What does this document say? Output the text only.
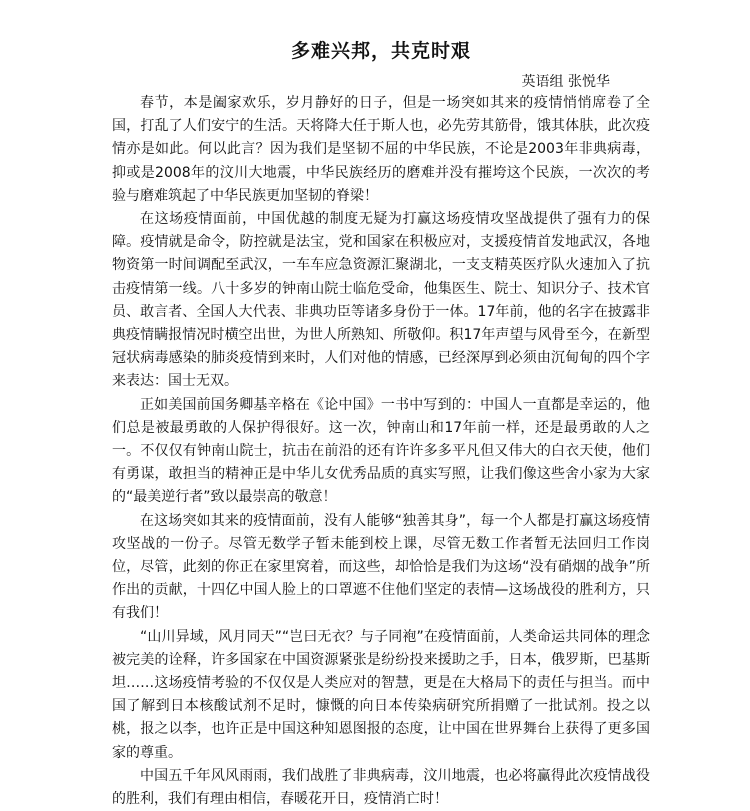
多难兴邦，共克时艰
英语组 张悦华

春节，本是阖家欢乐，岁月静好的日子，但是一场突如其来的疫情悄悄席卷了全国，打乱了人们安宁的生活。天将降大任于斯人也，必先劳其筋骨，饿其体肤，此次疫情亦是如此。何以此言？因为我们是坚韧不屈的中华民族，不论是2003年非典病毒，抑或是2008年的汶川大地震，中华民族经历的磨难并没有摧垮这个民族，一次次的考验与磨难筑起了中华民族更加坚韧的脊梁！

在这场疫情面前，中国优越的制度无疑为打赢这场疫情攻坚战提供了强有力的保障。疫情就是命令，防控就是法宝，党和国家在积极应对，支援疫情首发地武汉，各地物资第一时间调配至武汉，一车车应急资源汇聚湖北，一支支精英医疗队火速加入了抗击疫情第一线。八十多岁的钟南山院士临危受命，他集医生、院士、知识分子、技术官员、敢言者、全国人大代表、非典功臣等诸多身份于一体。17年前，他的名字在披露非典疫情瞒报情况时横空出世，为世人所熟知、所敬仰。积17年声望与风骨至今，在新型冠状病毒感染的肺炎疫情到来时，人们对他的情感，已经深厚到必须由沉甸甸的四个字来表达：国士无双。

正如美国前国务卿基辛格在《论中国》一书中写到的：中国人一直都是幸运的，他们总是被最勇敢的人保护得很好。这一次，钟南山和17年前一样，还是最勇敢的人之一。不仅仅有钟南山院士，抗击在前沿的还有许许多多平凡但又伟大的白衣天使，他们有勇谋，敢担当的精神正是中华儿女优秀品质的真实写照，让我们像这些舍小家为大家的“最美逆行者”致以最崇高的敬意！

在这场突如其来的疫情面前，没有人能够“独善其身”，每一个人都是打赢这场疫情攻坚战的一份子。尽管无数学子暂未能到校上课，尽管无数工作者暂无法回归工作岗位，尽管，此刻的你正在家里窝着，而这些，却恰恰是我们为这场“没有硝烟的战争”所作出的贡献，十四亿中国人脸上的口罩遮不住他们坚定的表情—这场战役的胜利方，只有我们！

“山川异域，风月同天”“岂曰无衣？与子同袍”在疫情面前，人类命运共同体的理念被完美的诠释，许多国家在中国资源紧张是纷纷投来援助之手，日本，俄罗斯，巴基斯坦……这场疫情考验的不仅仅是人类应对的智慧，更是在大格局下的责任与担当。而中国了解到日本核酸试剂不足时，慷慨的向日本传染病研究所捐赠了一批试剂。投之以桃，报之以李，也许正是中国这种知恩图报的态度，让中国在世界舞台上获得了更多国家的尊重。

中国五千年风风雨雨，我们战胜了非典病毒，汶川地震，也必将赢得此次疫情战役的胜利，我们有理由相信，春暖花开日，疫情消亡时！
